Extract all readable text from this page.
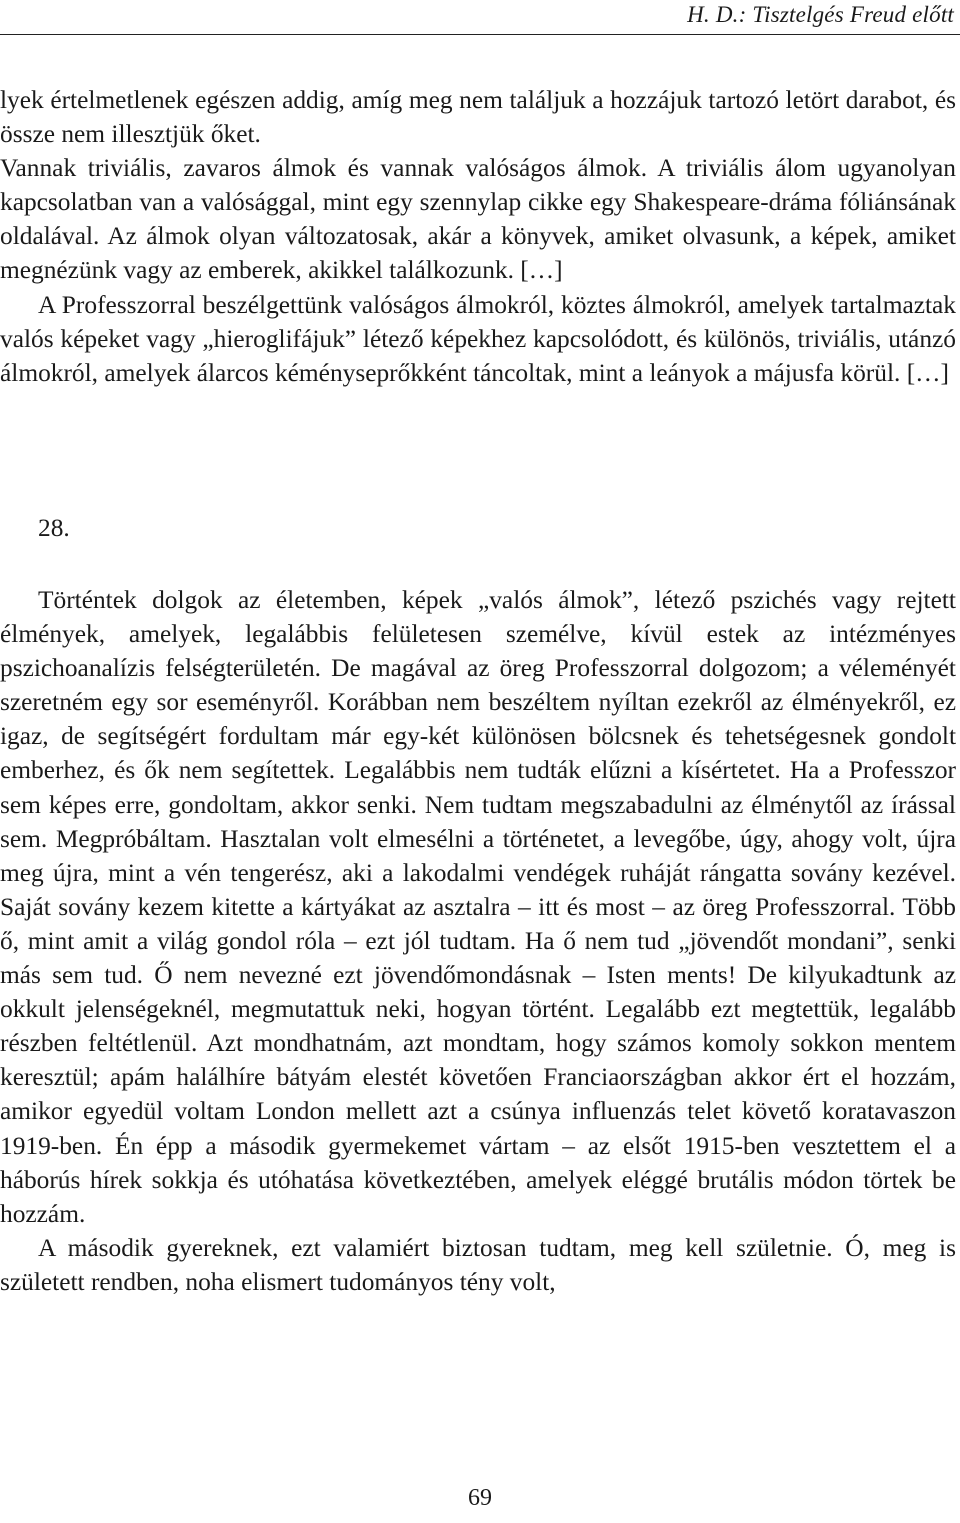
H. D.: Tisztelgés Freud előtt

lyek értelmetlenek egészen addig, amíg meg nem találjuk a hozzájuk tartozó letört darabot, és össze nem illesztjük őket.

Vannak triviális, zavaros álmok és vannak valóságos álmok. A triviális álom ugyanolyan kapcsolatban van a valósággal, mint egy szennylap cikke egy Shakespeare-dráma fóliánsának oldalával. Az álmok olyan változatosak, akár a könyvek, amiket olvasunk, a képek, amiket megnézünk vagy az emberek, akikkel találkozunk. […]

A Professzorral beszélgettünk valóságos álmokról, köztes álmokról, amelyek tartalmaztak valós képeket vagy „hieroglifájuk” létező képekhez kapcsolódott, és különös, triviális, utánzó álmokról, amelyek álarcos kéményseprőkként táncoltak, mint a leányok a májusfa körül. […]

28.

Történtek dolgok az életemben, képek „valós álmok”, létező pszichés vagy rejtett élmények, amelyek, legalábbis felületesen személve, kívül estek az intézményes pszichoanalízis felségterületén. De magával az öreg Professzorral dolgozom; a véleményét szeretném egy sor eseményről. Korábban nem beszéltem nyíltan ezekről az élményekről, ez igaz, de segítségért fordultam már egy-két különösen bölcsnek és tehetségesnek gondolt emberhez, és ők nem segítettek. Legalábbis nem tudták elűzni a kísértetet. Ha a Professzor sem képes erre, gondoltam, akkor senki. Nem tudtam megszabadulni az élménytől az írással sem. Megpróbáltam. Hasztalan volt elmesélni a történetet, a levegőbe, úgy, ahogy volt, újra meg újra, mint a vén tengerész, aki a lakodalmi vendégek ruháját rángatta sovány kezével. Saját sovány kezem kitette a kártyákat az asztalra – itt és most – az öreg Professzorral. Több ő, mint amit a világ gondol róla – ezt jól tudtam. Ha ő nem tud „jövendőt mondani”, senki más sem tud. Ő nem nevezné ezt jövendőmondásnak – Isten ments! De kilyukadtunk az okkult jelenségeknél, megmutattuk neki, hogyan történt. Legalább ezt megtettük, legalább részben feltétlenül. Azt mondhatnám, azt mondtam, hogy számos komoly sokkon mentem keresztül; apám halálhíre bátyám elestét követően Franciaországban akkor ért el hozzám, amikor egyedül voltam London mellett azt a csúnya influenzás telet követő koratavaszon 1919-ben. Én épp a második gyermekemet vártam – az elsőt 1915-ben vesztettem el a háborús hírek sokkja és utóhatása következtében, amelyek eléggé brutális módon törtek be hozzám.

A második gyereknek, ezt valamiért biztosan tudtam, meg kell születnie. Ó, meg is született rendben, noha elismert tudományos tény volt,

69
